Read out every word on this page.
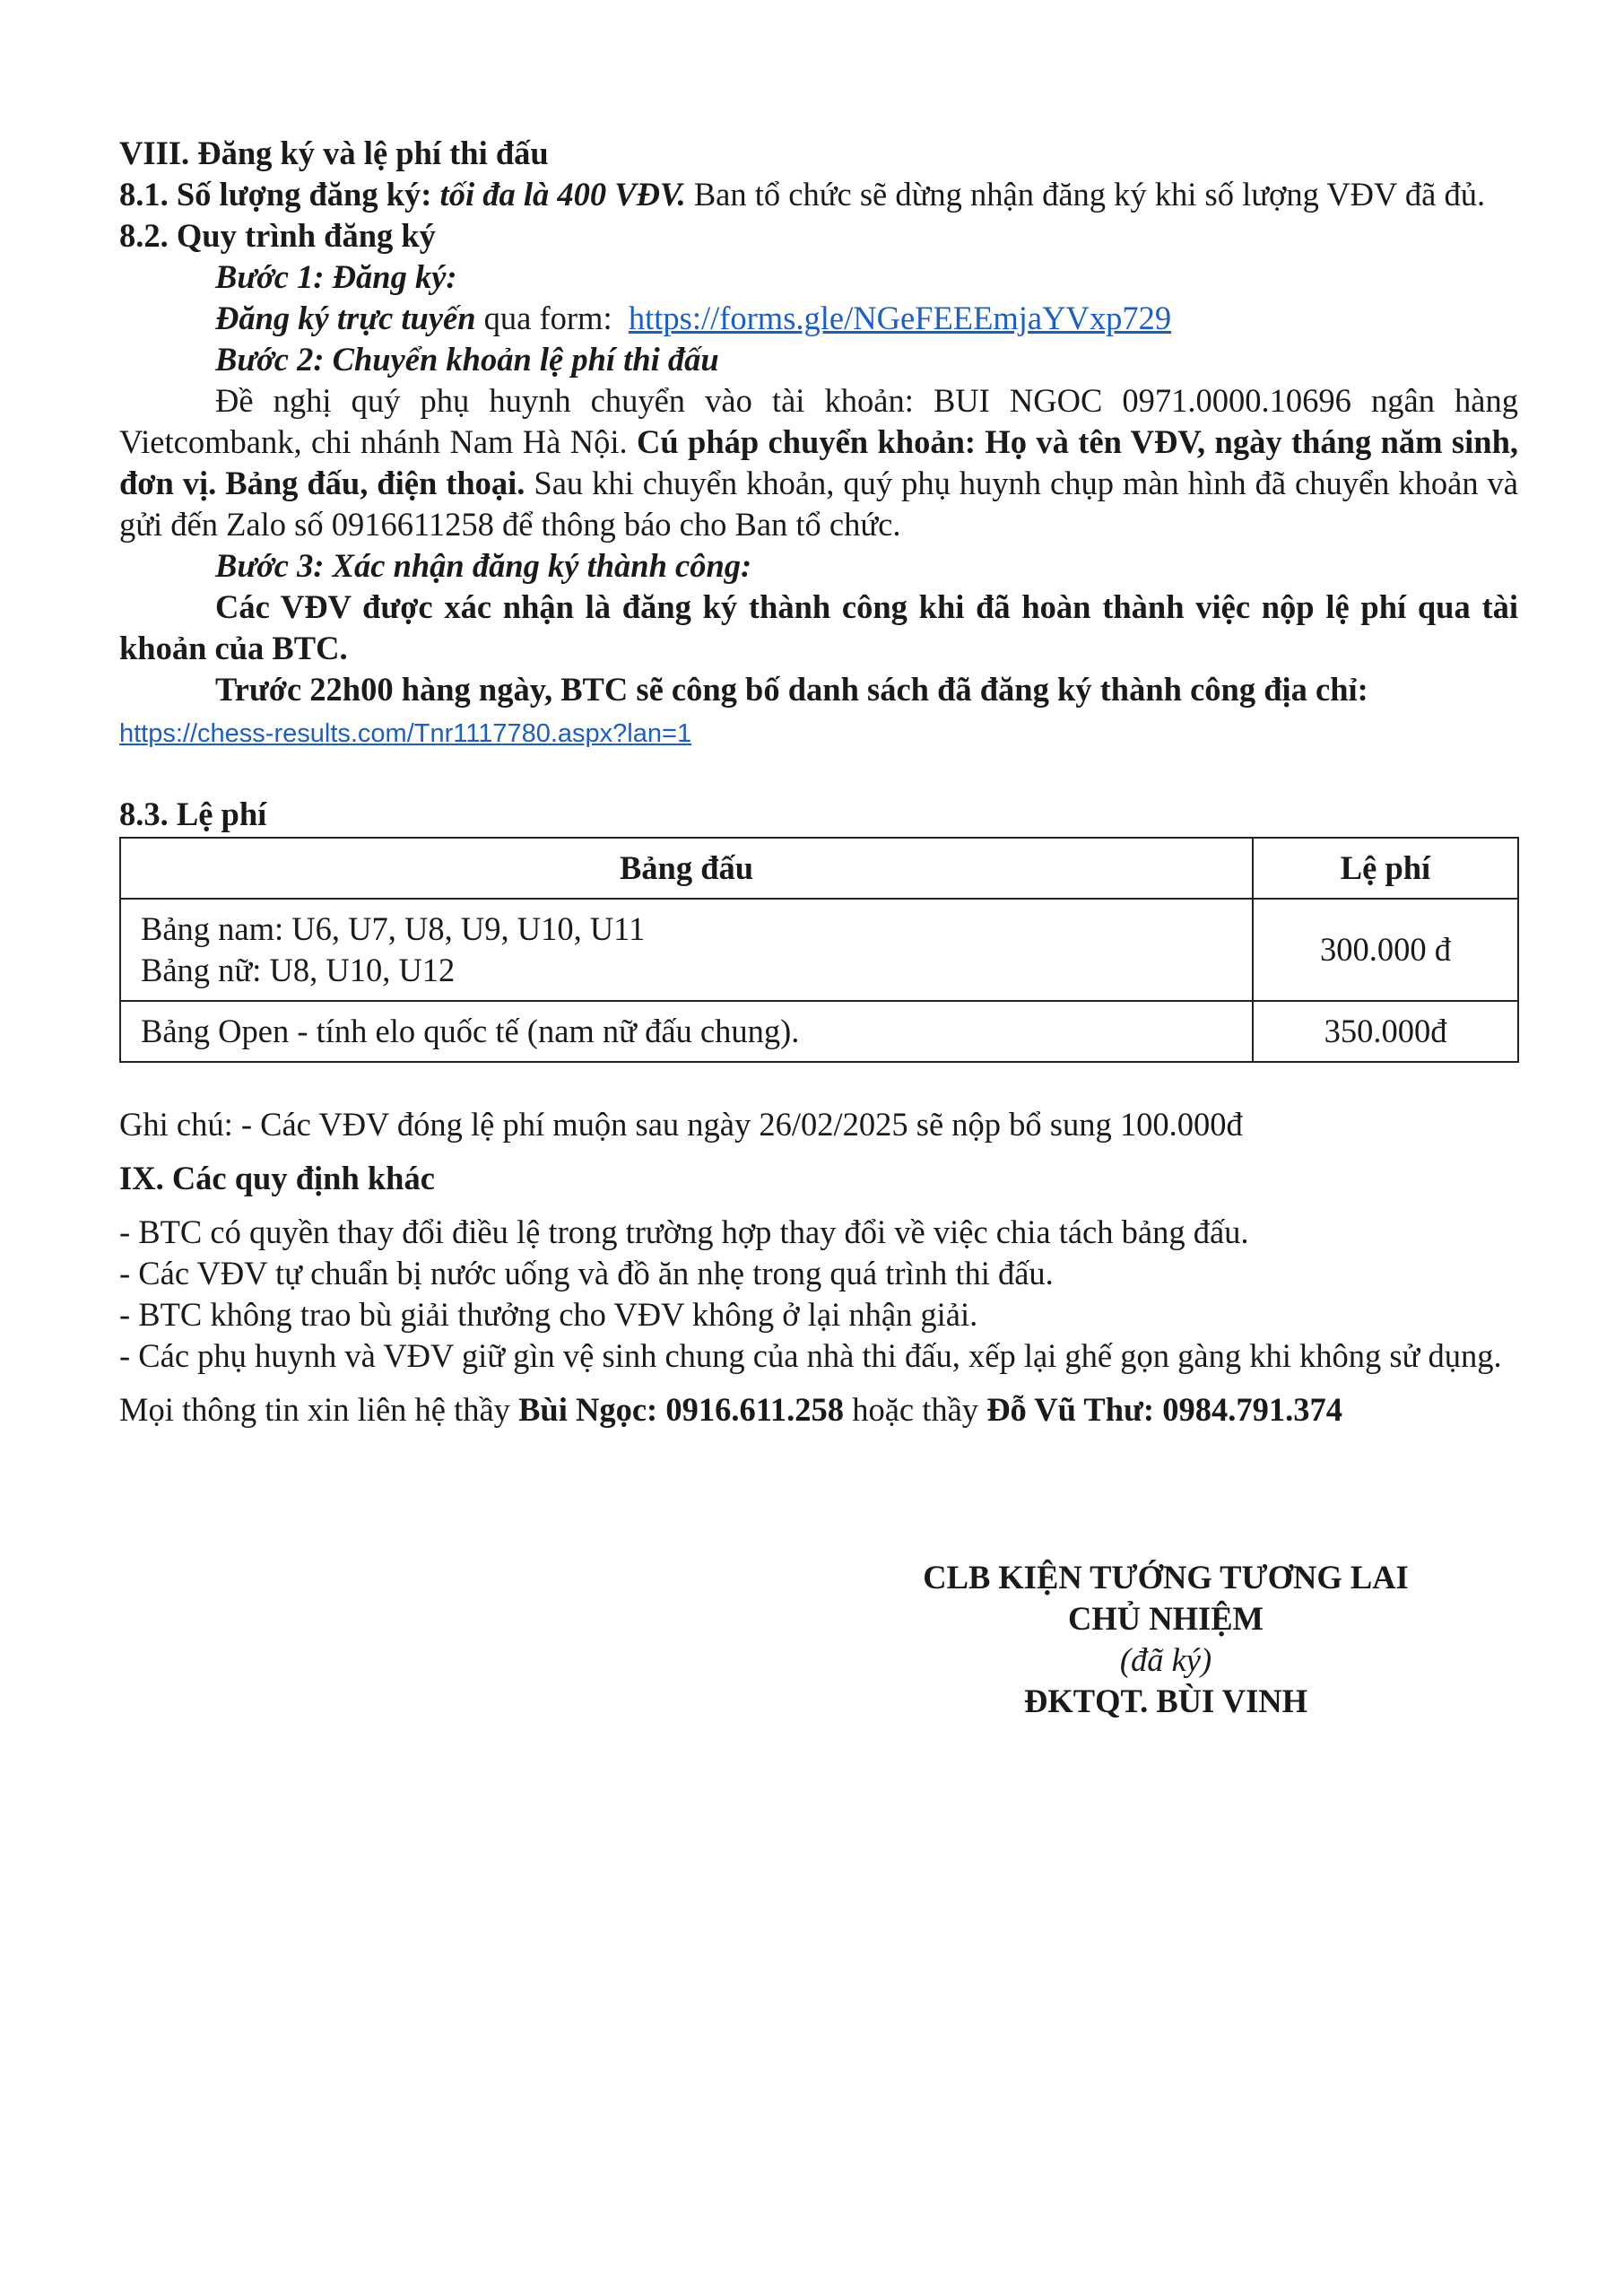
VIII. Đăng ký và lệ phí thi đấu

8.1. Số lượng đăng ký: tối đa là 400 VĐV. Ban tổ chức sẽ dừng nhận đăng ký khi số lượng VĐV đã đủ.

8.2. Quy trình đăng ký

Bước 1: Đăng ký:

Đăng ký trực tuyến qua form: https://forms.gle/NGeFEEEmjaYVxp729

Bước 2: Chuyển khoản lệ phí thi đấu

Đề nghị quý phụ huynh chuyển vào tài khoản: BUI NGOC 0971.0000.10696 ngân hàng Vietcombank, chi nhánh Nam Hà Nội. Cú pháp chuyển khoản: Họ và tên VĐV, ngày tháng năm sinh, đơn vị. Bảng đấu, điện thoại. Sau khi chuyển khoản, quý phụ huynh chụp màn hình đã chuyển khoản và gửi đến Zalo số 0916611258 để thông báo cho Ban tổ chức.

Bước 3: Xác nhận đăng ký thành công:

Các VĐV được xác nhận là đăng ký thành công khi đã hoàn thành việc nộp lệ phí qua tài khoản của BTC.

Trước 22h00 hàng ngày, BTC sẽ công bố danh sách đã đăng ký thành công địa chỉ:

https://chess-results.com/Tnr1117780.aspx?lan=1

8.3. Lệ phí

Bảng đấu	Lệ phí

Bảng nam: U6, U7, U8, U9, U10, U11
Bảng nữ: U8, U10, U12	300.000 đ
Bảng Open - tính elo quốc tế (nam nữ đấu chung).	350.000đ

Ghi chú: - Các VĐV đóng lệ phí muộn sau ngày 26/02/2025 sẽ nộp bổ sung 100.000đ

IX. Các quy định khác

- BTC có quyền thay đổi điều lệ trong trường hợp thay đổi về việc chia tách bảng đấu.

- Các VĐV tự chuẩn bị nước uống và đồ ăn nhẹ trong quá trình thi đấu.

- BTC không trao bù giải thưởng cho VĐV không ở lại nhận giải.

- Các phụ huynh và VĐV giữ gìn vệ sinh chung của nhà thi đấu, xếp lại ghế gọn gàng khi không sử dụng.

Mọi thông tin xin liên hệ thầy Bùi Ngọc: 0916.611.258 hoặc thầy Đỗ Vũ Thư: 0984.791.374

CLB KIỆN TƯỚNG TƯƠNG LAI

CHỦ NHIỆM

(đã ký)

ĐKTQT. BÙI VINH
